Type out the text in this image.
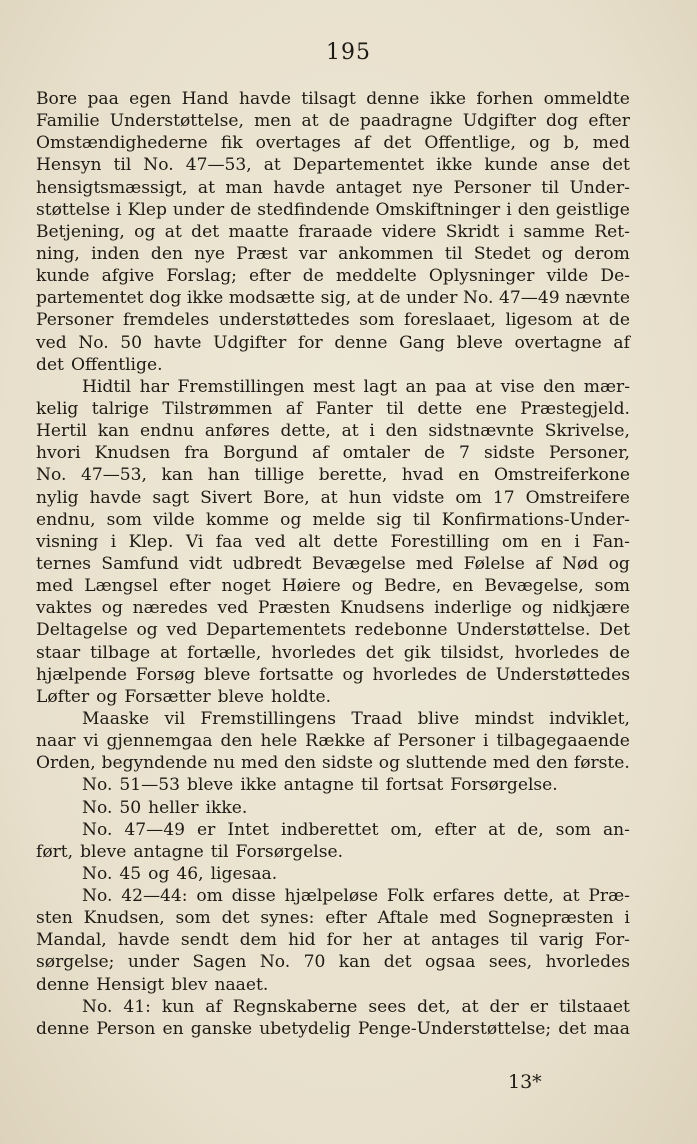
195
Bore paa egen Hand havde tilsagt denne ikke forhen ommeldte
Familie Understøttelse, men at de paadragne Udgifter dog efter
Omstændighederne fik overtages af det Offentlige, og b, med
Hensyn til No. 47—53, at Departementet ikke kunde anse det
hensigtsmæssigt, at man havde antaget nye Personer til Under-
støttelse i Klep under de stedfindende Omskiftninger i den geistlige
Betjening, og at det maatte fraraade videre Skridt i samme Ret-
ning, inden den nye Præst var ankommen til Stedet og derom
kunde afgive Forslag; efter de meddelte Oplysninger vilde De-
partementet dog ikke modsætte sig, at de under No. 47—49 nævnte
Personer fremdeles understøttedes som foreslaaet, ligesom at de
ved No. 50 havte Udgifter for denne Gang bleve overtagne af
det Offentlige.
Hidtil har Fremstillingen mest lagt an paa at vise den mær-
kelig talrige Tilstrømmen af Fanter til dette ene Præstegjeld.
Hertil kan endnu anføres dette, at i den sidstnævnte Skrivelse,
hvori Knudsen fra Borgund af omtaler de 7 sidste Personer,
No. 47—53, kan han tillige berette, hvad en Omstreiferkone
nylig havde sagt Sivert Bore, at hun vidste om 17 Omstreifere
endnu, som vilde komme og melde sig til Konfirmations-Under-
visning i Klep. Vi faa ved alt dette Forestilling om en i Fan-
ternes Samfund vidt udbredt Bevægelse med Følelse af Nød og
med Længsel efter noget Høiere og Bedre, en Bevægelse, som
vaktes og næredes ved Præsten Knudsens inderlige og nidkjære
Deltagelse og ved Departementets redebonne Understøttelse. Det
staar tilbage at fortælle, hvorledes det gik tilsidst, hvorledes de
hjælpende Forsøg bleve fortsatte og hvorledes de Understøttedes
Løfter og Forsætter bleve holdte.
Maaske vil Fremstillingens Traad blive mindst indviklet,
naar vi gjennemgaa den hele Række af Personer i tilbagegaaende
Orden, begyndende nu med den sidste og sluttende med den første.
No. 51—53 bleve ikke antagne til fortsat Forsørgelse.
No. 50 heller ikke.
No. 47—49 er Intet indberettet om, efter at de, som an-
ført, bleve antagne til Forsørgelse.
No. 45 og 46, ligesaa.
No. 42—44: om disse hjælpeløse Folk erfares dette, at Præ-
sten Knudsen, som det synes: efter Aftale med Sognepræsten i
Mandal, havde sendt dem hid for her at antages til varig For-
sørgelse; under Sagen No. 70 kan det ogsaa sees, hvorledes
denne Hensigt blev naaet.
No. 41: kun af Regnskaberne sees det, at der er tilstaaet
denne Person en ganske ubetydelig Penge-Understøttelse; det maa
13*
